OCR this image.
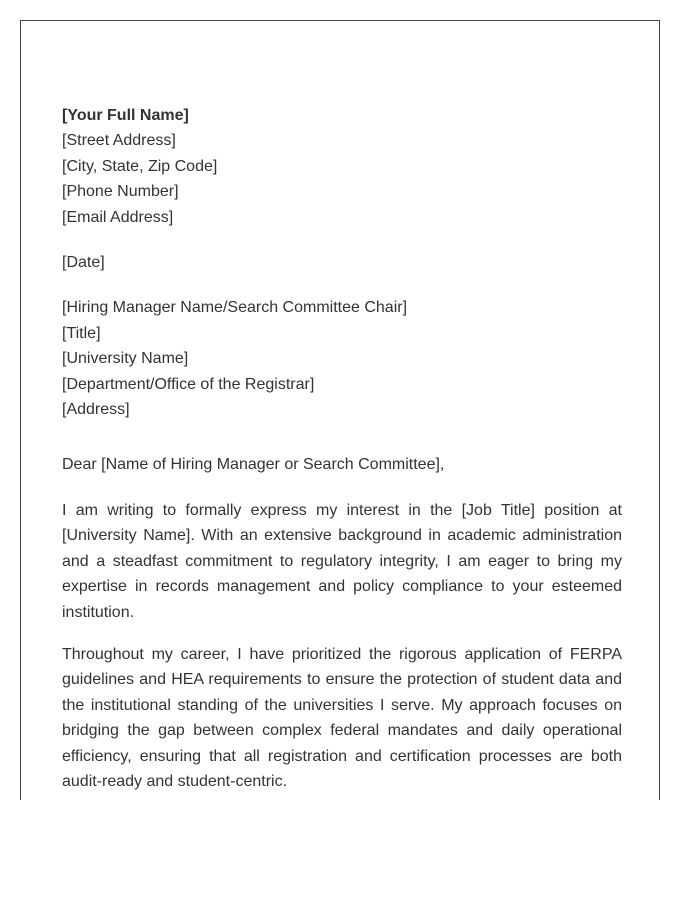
[Your Full Name]
[Street Address]
[City, State, Zip Code]
[Phone Number]
[Email Address]
[Date]
[Hiring Manager Name/Search Committee Chair]
[Title]
[University Name]
[Department/Office of the Registrar]
[Address]
Dear [Name of Hiring Manager or Search Committee],

I am writing to formally express my interest in the [Job Title] position at [University Name]. With an extensive background in academic administration and a steadfast commitment to regulatory integrity, I am eager to bring my expertise in records management and policy compliance to your esteemed institution.

Throughout my career, I have prioritized the rigorous application of FERPA guidelines and HEA requirements to ensure the protection of student data and the institutional standing of the universities I serve. My approach focuses on bridging the gap between complex federal mandates and daily operational efficiency, ensuring that all registration and certification processes are both audit-ready and student-centric.
